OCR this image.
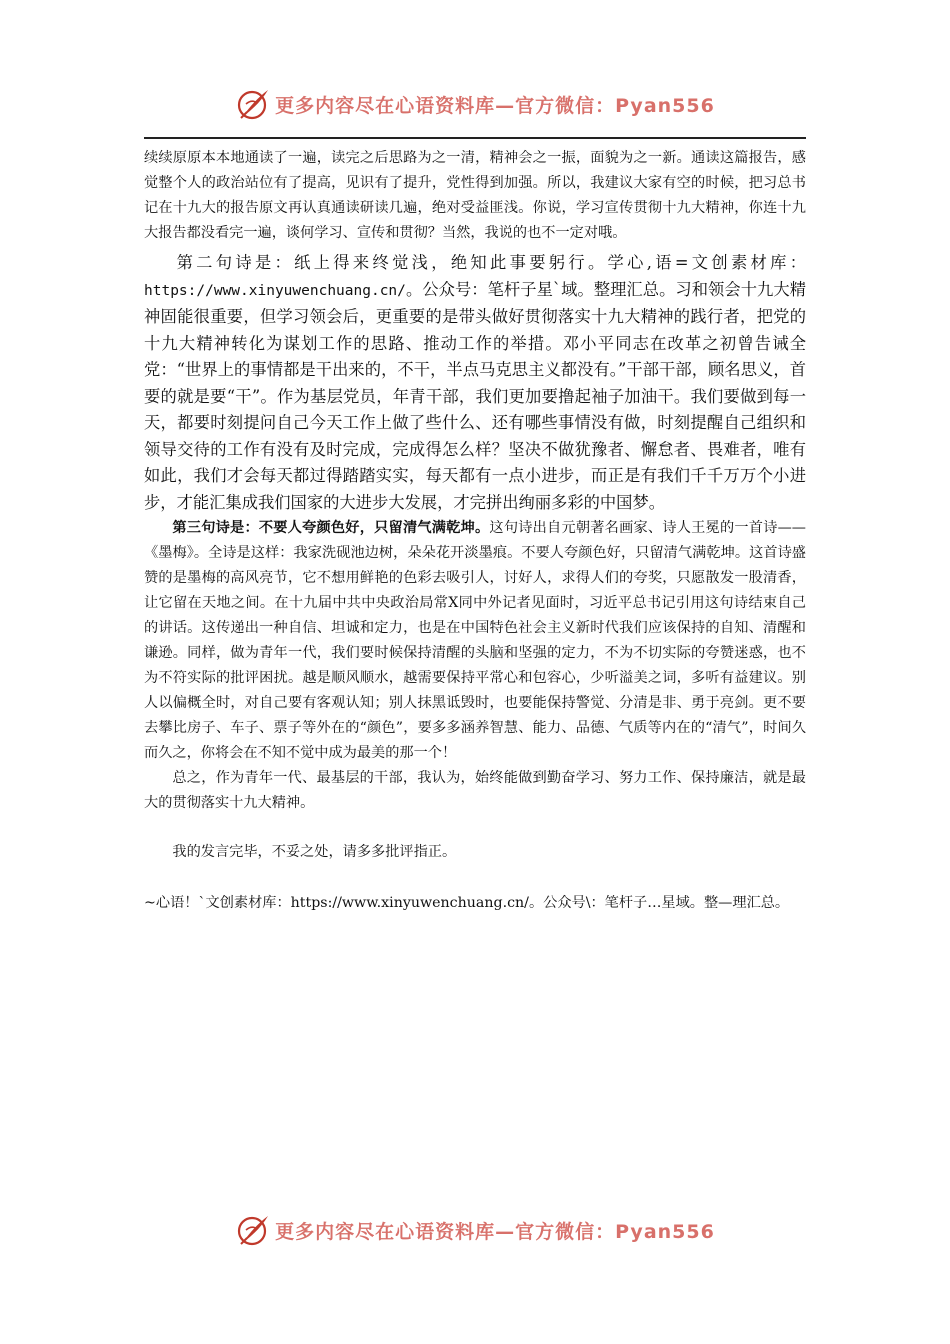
更多内容尽在心语资料库—官方微信：Pyan556

续续原原本本地通读了一遍，读完之后思路为之一清，精神会之一振，面貌为之一新。通读这篇报告，感觉整个人的政治站位有了提高，见识有了提升，党性得到加强。所以，我建议大家有空的时候，把习总书记在十九大的报告原文再认真通读研读几遍，绝对受益匪浅。你说，学习宣传贯彻十九大精神，你连十九大报告都没看完一遍，谈何学习、宣传和贯彻？当然，我说的也不一定对哦。

第二句诗是：纸上得来终觉浅，绝知此事要躬行。学心,语=文创素材库：https://www.xinyuwenchuang.cn/。公众号：笔杆子星`域。整理汇总。习和领会十九大精神固能很重要，但学习领会后，更重要的是带头做好贯彻落实十九大精神的践行者，把党的十九大精神转化为谋划工作的思路、推动工作的举措。邓小平同志在改革之初曾告诫全党：“世界上的事情都是干出来的，不干，半点马克思主义都没有。”干部干部，顾名思义，首要的就是要“干”。作为基层党员，年青干部，我们更加要撸起袖子加油干。我们要做到每一天，都要时刻提问自己今天工作上做了些什么、还有哪些事情没有做，时刻提醒自己组织和领导交待的工作有没有及时完成，完成得怎么样？坚决不做犹豫者、懈怠者、畏难者，唯有如此，我们才会每天都过得踏踏实实，每天都有一点小进步，而正是有我们千千万万个小进步，才能汇集成我们国家的大进步大发展，才完拼出绚丽多彩的中国梦。

第三句诗是：不要人夸颜色好，只留清气满乾坤。这句诗出自元朝著名画家、诗人王冕的一首诗——《墨梅》。全诗是这样：我家洗砚池边树，朵朵花开淡墨痕。不要人夸颜色好，只留清气满乾坤。这首诗盛赞的是墨梅的高风亮节，它不想用鲜艳的色彩去吸引人，讨好人，求得人们的夸奖，只愿散发一股清香，让它留在天地之间。在十九届中共中央政治局常X同中外记者见面时，习近平总书记引用这句诗结束自己的讲话。这传递出一种自信、坦诚和定力，也是在中国特色社会主义新时代我们应该保持的自知、清醒和谦逊。同样，做为青年一代，我们要时候保持清醒的头脑和坚强的定力，不为不切实际的夸赞迷惑，也不为不符实际的批评困扰。越是顺风顺水，越需要保持平常心和包容心，少听溢美之词，多听有益建议。别人以偏概全时，对自己要有客观认知；别人抹黑诋毁时，也要能保持警觉、分清是非、勇于亮剑。更不要去攀比房子、车子、票子等外在的“颜色”，要多多涵养智慧、能力、品德、气质等内在的“清气”，时间久而久之，你将会在不知不觉中成为最美的那一个！

总之，作为青年一代、最基层的干部，我认为，始终能做到勤奋学习、努力工作、保持廉洁，就是最大的贯彻落实十九大精神。

我的发言完毕，不妥之处，请多多批评指正。

~心语！`文创素材库：https://www.xinyuwenchuang.cn/。公众号\：笔杆子…星域。整—理汇总。

更多内容尽在心语资料库—官方微信：Pyan556
